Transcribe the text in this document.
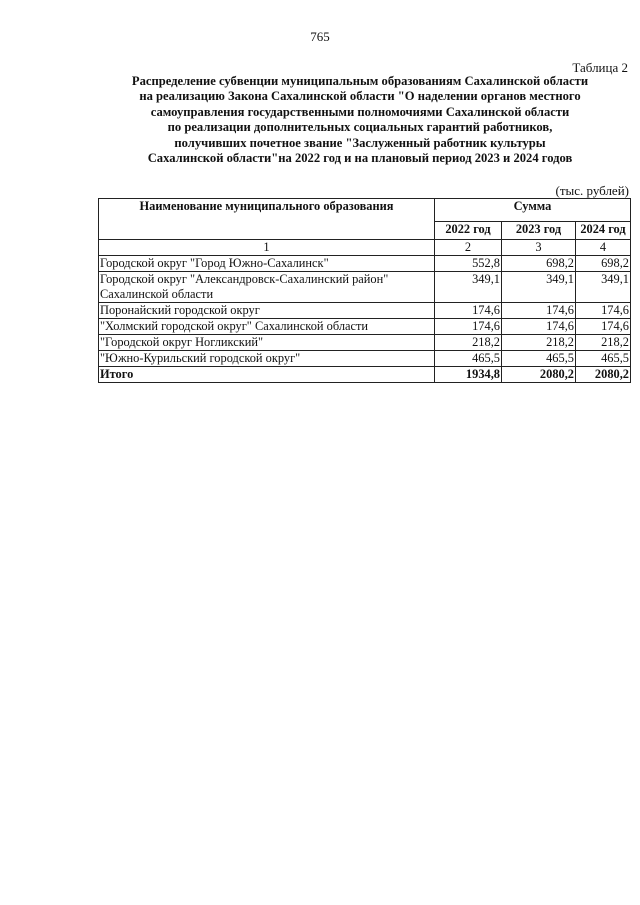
765
Таблица 2
Распределение субвенции муниципальным образованиям Сахалинской области
на реализацию Закона Сахалинской области "О наделении органов местного
самоуправления государственными полномочиями Сахалинской области
по реализации дополнительных социальных гарантий работников,
получивших почетное звание "Заслуженный работник культуры
Сахалинской области"на 2022 год и на плановый период 2023 и 2024 годов
(тыс. рублей)
Наименование муниципального образования	Сумма		
	2022 год	2023 год	2024 год
1	2	3	4
Городской округ "Город Южно-Сахалинск"	552,8	698,2	698,2
Городской округ "Александровск-Сахалинский район" Сахалинской области	349,1	349,1	349,1
Поронайский городской округ	174,6	174,6	174,6
"Холмский городской округ" Сахалинской области	174,6	174,6	174,6
"Городской округ Ногликский"	218,2	218,2	218,2
"Южно-Курильский городской округ"	465,5	465,5	465,5
Итого	1934,8	2080,2	2080,2
